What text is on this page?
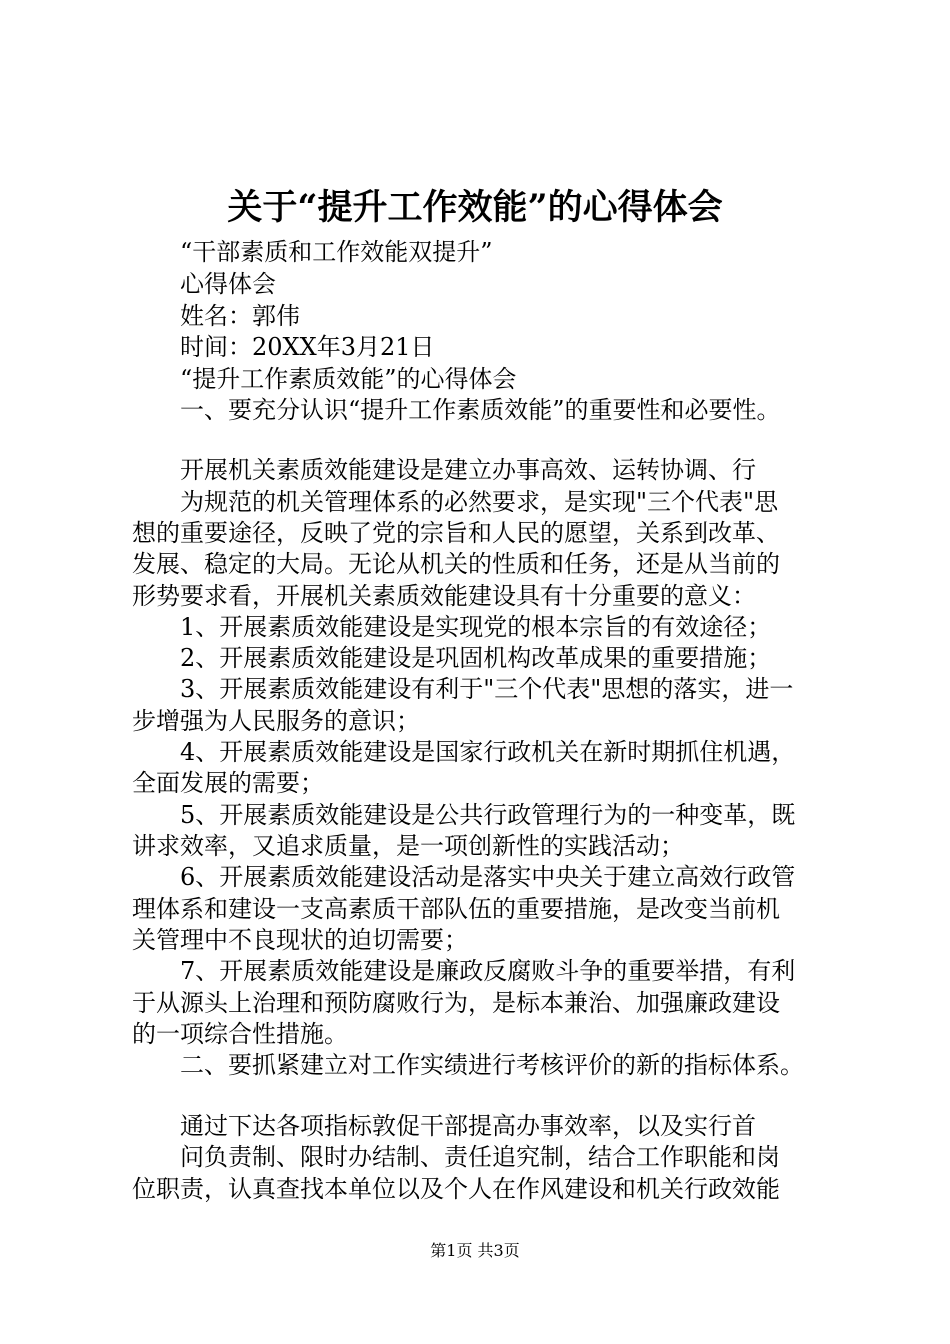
关于“提升工作效能”的心得体会
“干部素质和工作效能双提升”
心得体会
姓名：郭伟
时间：20XX年3月21日
“提升工作素质效能”的心得体会
一、要充分认识“提升工作素质效能”的重要性和必要性。
开展机关素质效能建设是建立办事高效、运转协调、行
为规范的机关管理体系的必然要求，是实现"三个代表"思
想的重要途径，反映了党的宗旨和人民的愿望，关系到改革、
发展、稳定的大局。无论从机关的性质和任务，还是从当前的
形势要求看，开展机关素质效能建设具有十分重要的意义：
1、开展素质效能建设是实现党的根本宗旨的有效途径；
2、开展素质效能建设是巩固机构改革成果的重要措施；
3、开展素质效能建设有利于"三个代表"思想的落实，进一
步增强为人民服务的意识；
4、开展素质效能建设是国家行政机关在新时期抓住机遇，
全面发展的需要；
5、开展素质效能建设是公共行政管理行为的一种变革，既
讲求效率，又追求质量，是一项创新性的实践活动；
6、开展素质效能建设活动是落实中央关于建立高效行政管
理体系和建设一支高素质干部队伍的重要措施，是改变当前机
关管理中不良现状的迫切需要；
7、开展素质效能建设是廉政反腐败斗争的重要举措，有利
于从源头上治理和预防腐败行为，是标本兼治、加强廉政建设
的一项综合性措施。
二、要抓紧建立对工作实绩进行考核评价的新的指标体系。
通过下达各项指标敦促干部提高办事效率，以及实行首
问负责制、限时办结制、责任追究制，结合工作职能和岗
位职责，认真查找本单位以及个人在作风建设和机关行政效能
第1页 共3页
